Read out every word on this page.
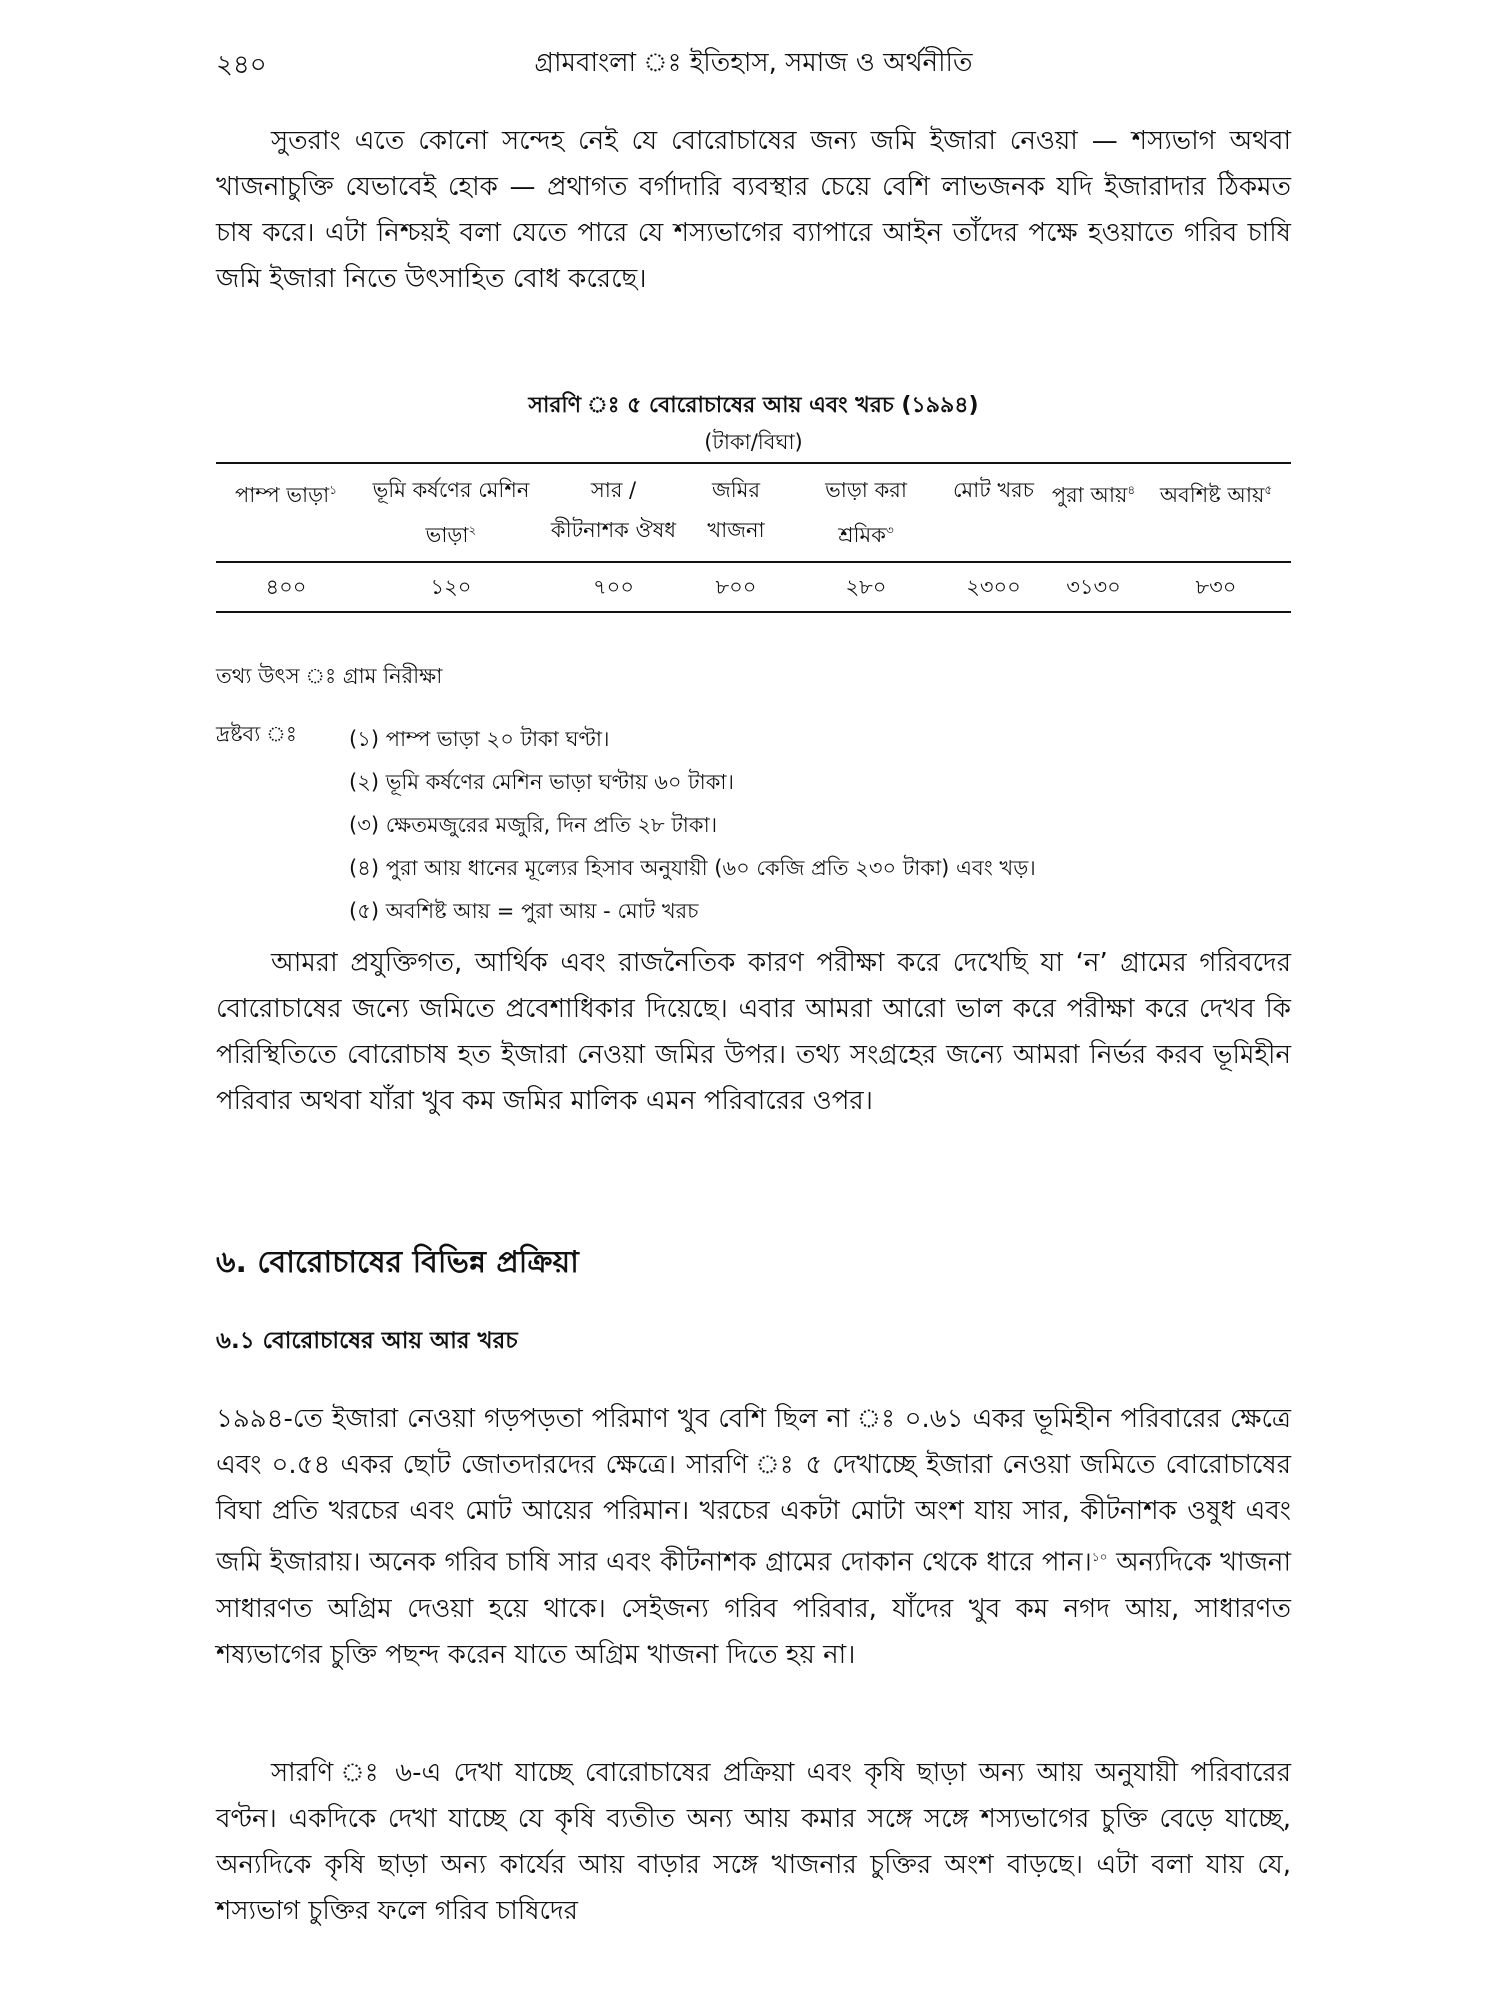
২৪০	গ্রামবাংলা ঃ ইতিহাস, সমাজ ও অর্থনীতি

সুতরাং এতে কোনো সন্দেহ নেই যে বোরোচাষের জন্য জমি ইজারা নেওয়া — শস্যভাগ অথবা খাজনাচুক্তি যেভাবেই হোক — প্রথাগত বর্গাদারি ব্যবস্থার চেয়ে বেশি লাভজনক যদি ইজারাদার ঠিকমত চাষ করে। এটা নিশ্চয়ই বলা যেতে পারে যে শস্যভাগের ব্যাপারে আইন তাঁদের পক্ষে হওয়াতে গরিব চাষি জমি ইজারা নিতে উৎসাহিত বোধ করেছে।

সারণি ঃ ৫ বোরোচাষের আয় এবং খরচ (১৯৯৪)
(টাকা/বিঘা)
পাম্প ভাড়া$^১$	ভূমি কর্ষণের মেশিন ভাড়া$^২$	সার / কীটনাশক ঔষধ	জমির খাজনা	ভাড়া করা শ্রমিক$^৩$	মোট খরচ	পুরা আয়$^৪$	অবশিষ্ট আয়$^৫$
৪০০	১২০	৭০০	৮০০	২৮০	২৩০০	৩১৩০	৮৩০
তথ্য উৎস ঃ গ্রাম নিরীক্ষা
দ্রষ্টব্য ঃ (১) পাম্প ভাড়া ২০ টাকা ঘণ্টা।
(২) ভূমি কর্ষণের মেশিন ভাড়া ঘণ্টায় ৬০ টাকা।
(৩) ক্ষেতমজুরের মজুরি, দিন প্রতি ২৮ টাকা।
(৪) পুরা আয় ধানের মূল্যের হিসাব অনুযায়ী (৬০ কেজি প্রতি ২৩০ টাকা) এবং খড়।
(৫) অবশিষ্ট আয় = পুরা আয় - মোট খরচ

আমরা প্রযুক্তিগত, আর্থিক এবং রাজনৈতিক কারণ পরীক্ষা করে দেখেছি যা ‘ন’ গ্রামের গরিবদের বোরোচাষের জন্যে জমিতে প্রবেশাধিকার দিয়েছে। এবার আমরা আরো ভাল করে পরীক্ষা করে দেখব কি পরিস্থিতিতে বোরোচাষ হত ইজারা নেওয়া জমির উপর। তথ্য সংগ্রহের জন্যে আমরা নির্ভর করব ভূমিহীন পরিবার অথবা যাঁরা খুব কম জমির মালিক এমন পরিবারের ওপর।

৬. বোরোচাষের বিভিন্ন প্রক্রিয়া
৬.১ বোরোচাষের আয় আর খরচ

১৯৯৪-তে ইজারা নেওয়া গড়পড়তা পরিমাণ খুব বেশি ছিল না ঃ ০.৬১ একর ভূমিহীন পরিবারের ক্ষেত্রে এবং ০.৫৪ একর ছোট জোতদারদের ক্ষেত্রে। সারণি ঃ ৫ দেখাচ্ছে ইজারা নেওয়া জমিতে বোরোচাষের বিঘা প্রতি খরচের এবং মোট আয়ের পরিমান। খরচের একটা মোটা অংশ যায় সার, কীটনাশক ওষুধ এবং জমি ইজারায়। অনেক গরিব চাষি সার এবং কীটনাশক গ্রামের দোকান থেকে ধারে পান।$^{১০}$ অন্যদিকে খাজনা সাধারণত অগ্রিম দেওয়া হয়ে থাকে। সেইজন্য গরিব পরিবার, যাঁদের খুব কম নগদ আয়, সাধারণত শষ্যভাগের চুক্তি পছন্দ করেন যাতে অগ্রিম খাজনা দিতে হয় না।

সারণি ঃ ৬-এ দেখা যাচ্ছে বোরোচাষের প্রক্রিয়া এবং কৃষি ছাড়া অন্য আয় অনুযায়ী পরিবারের বণ্টন। একদিকে দেখা যাচ্ছে যে কৃষি ব্যতীত অন্য আয় কমার সঙ্গে সঙ্গে শস্যভাগের চুক্তি বেড়ে যাচ্ছে, অন্যদিকে কৃষি ছাড়া অন্য কার্যের আয় বাড়ার সঙ্গে খাজনার চুক্তির অংশ বাড়ছে। এটা বলা যায় যে, শস্যভাগ চুক্তির ফলে গরিব চাষিদের
